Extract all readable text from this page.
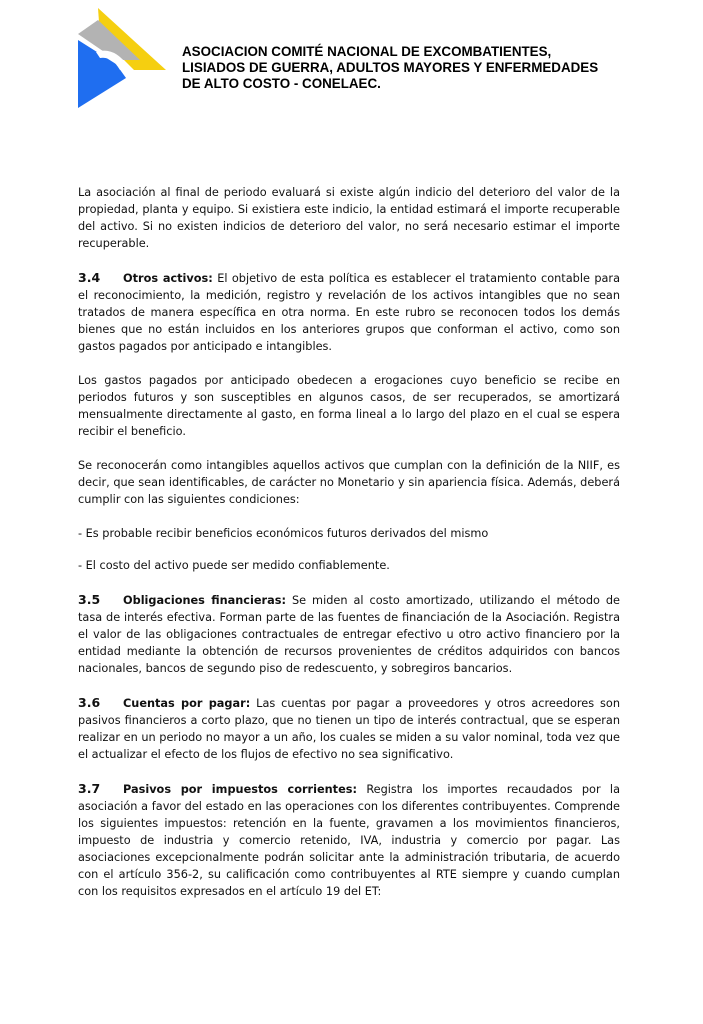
ASOCIACION COMITÉ NACIONAL DE EXCOMBATIENTES,
LISIADOS DE GUERRA, ADULTOS MAYORES Y ENFERMEDADES
DE ALTO COSTO - CONELAEC.

La asociación al final de periodo evaluará si existe algún indicio del deterioro del valor de la propiedad, planta y equipo. Si existiera este indicio, la entidad estimará el importe recuperable del activo. Si no existen indicios de deterioro del valor, no será necesario estimar el importe recuperable.

3.4 Otros activos: El objetivo de esta política es establecer el tratamiento contable para el reconocimiento, la medición, registro y revelación de los activos intangibles que no sean tratados de manera específica en otra norma. En este rubro se reconocen todos los demás bienes que no están incluidos en los anteriores grupos que conforman el activo, como son gastos pagados por anticipado e intangibles.

Los gastos pagados por anticipado obedecen a erogaciones cuyo beneficio se recibe en periodos futuros y son susceptibles en algunos casos, de ser recuperados, se amortizará mensualmente directamente al gasto, en forma lineal a lo largo del plazo en el cual se espera recibir el beneficio.

Se reconocerán como intangibles aquellos activos que cumplan con la definición de la NIIF, es decir, que sean identificables, de carácter no Monetario y sin apariencia física. Además, deberá cumplir con las siguientes condiciones:

- Es probable recibir beneficios económicos futuros derivados del mismo

- El costo del activo puede ser medido confiablemente.

3.5 Obligaciones financieras: Se miden al costo amortizado, utilizando el método de tasa de interés efectiva. Forman parte de las fuentes de financiación de la Asociación. Registra el valor de las obligaciones contractuales de entregar efectivo u otro activo financiero por la entidad mediante la obtención de recursos provenientes de créditos adquiridos con bancos nacionales, bancos de segundo piso de redescuento, y sobregiros bancarios.

3.6 Cuentas por pagar: Las cuentas por pagar a proveedores y otros acreedores son pasivos financieros a corto plazo, que no tienen un tipo de interés contractual, que se esperan realizar en un periodo no mayor a un año, los cuales se miden a su valor nominal, toda vez que el actualizar el efecto de los flujos de efectivo no sea significativo.

3.7 Pasivos por impuestos corrientes: Registra los importes recaudados por la asociación a favor del estado en las operaciones con los diferentes contribuyentes. Comprende los siguientes impuestos: retención en la fuente, gravamen a los movimientos financieros, impuesto de industria y comercio retenido, IVA, industria y comercio por pagar. Las asociaciones excepcionalmente podrán solicitar ante la administración tributaria, de acuerdo con el artículo 356-2, su calificación como contribuyentes al RTE siempre y cuando cumplan con los requisitos expresados en el artículo 19 del ET:
